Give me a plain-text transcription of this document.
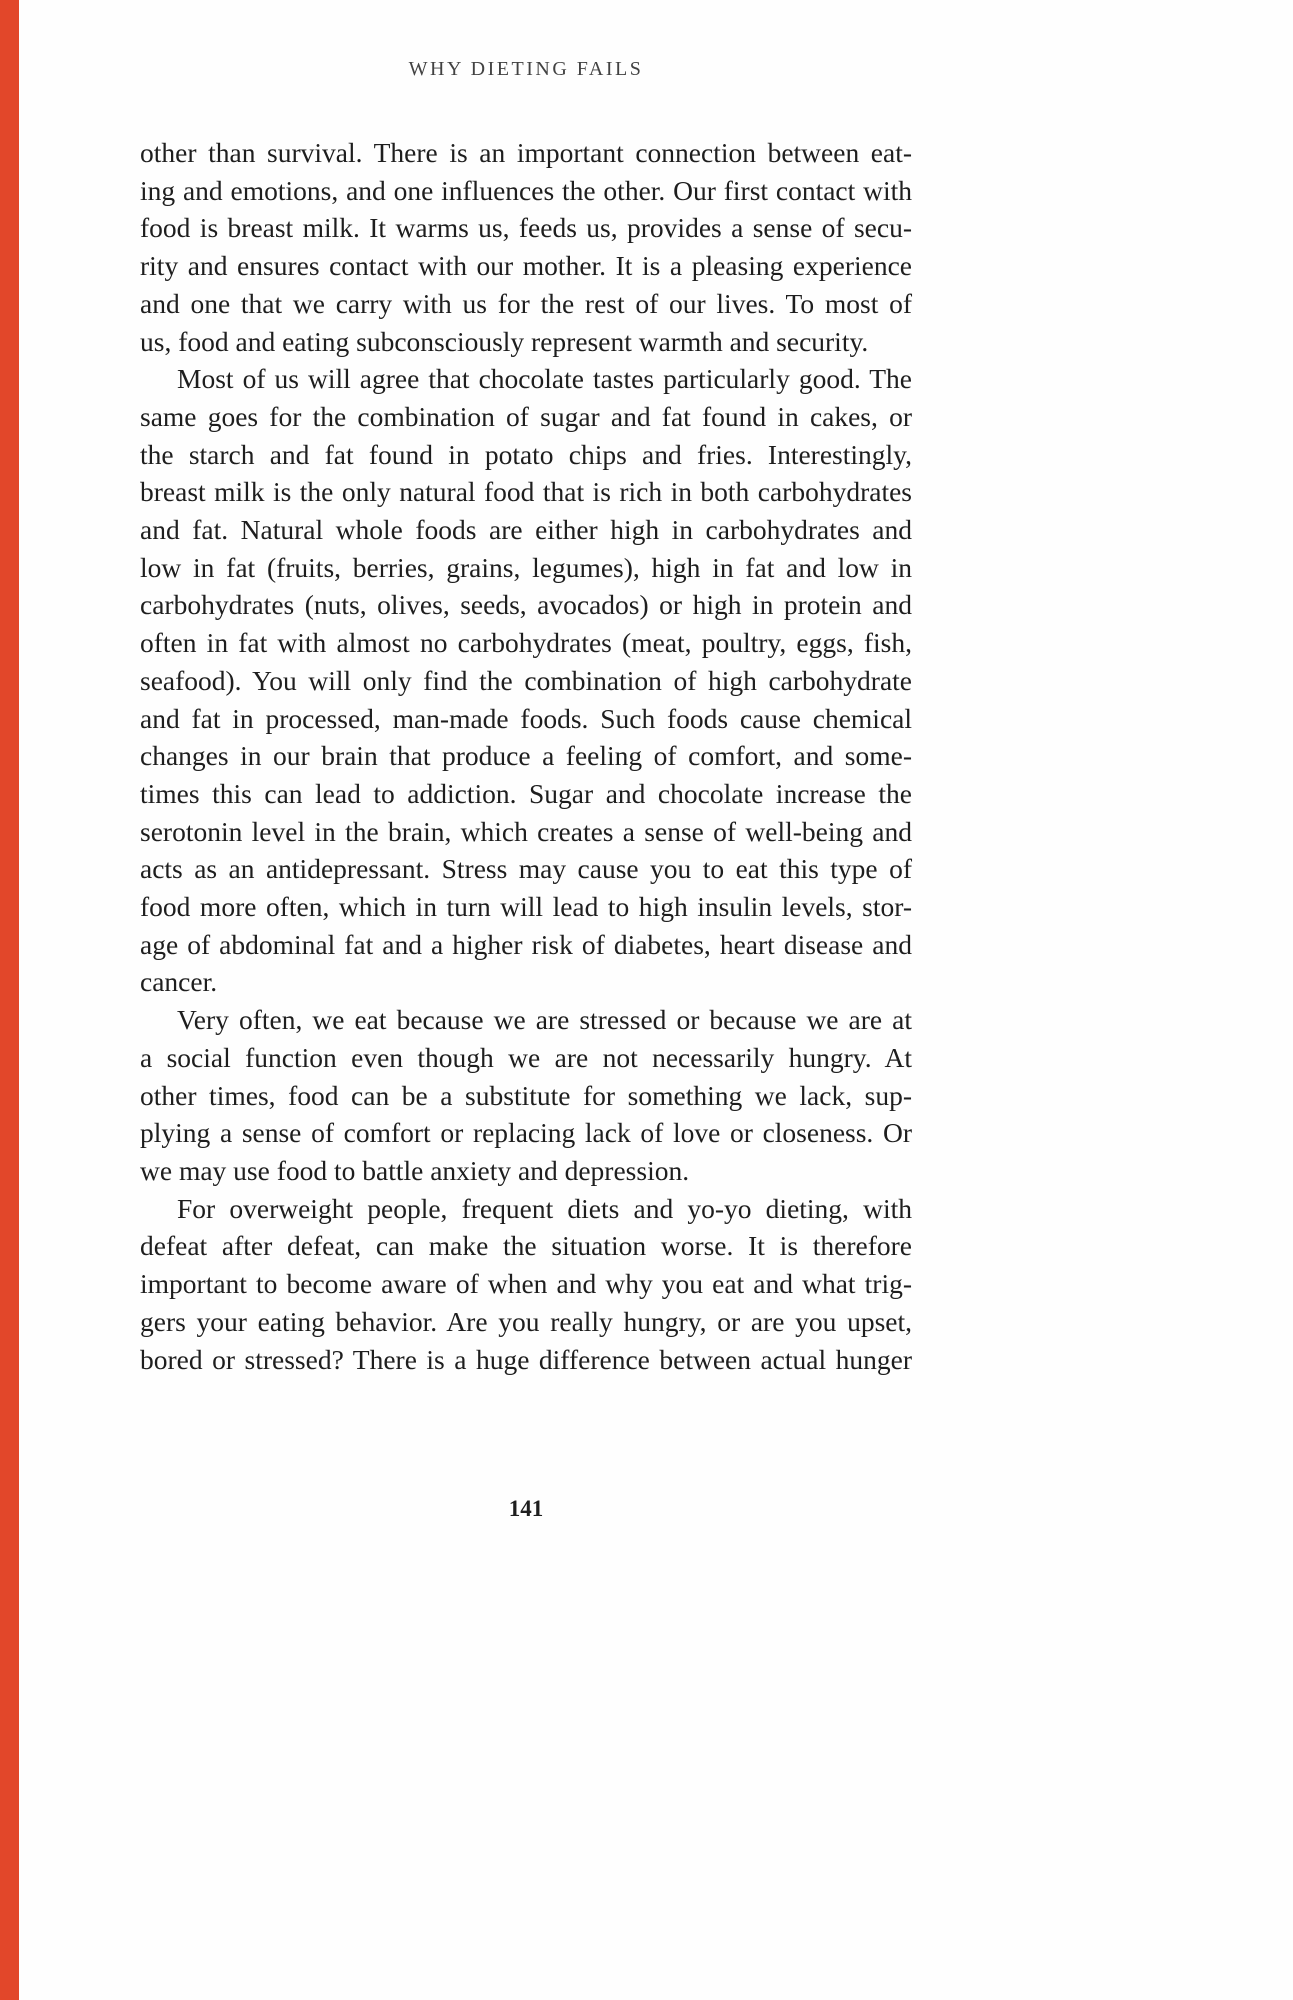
WHY DIETING FAILS
other than survival. There is an important connection between eat-
ing and emotions, and one influences the other. Our first contact with
food is breast milk. It warms us, feeds us, provides a sense of secu-
rity and ensures contact with our mother. It is a pleasing experience
and one that we carry with us for the rest of our lives. To most of
us, food and eating subconsciously represent warmth and security.
Most of us will agree that chocolate tastes particularly good. The
same goes for the combination of sugar and fat found in cakes, or
the starch and fat found in potato chips and fries. Interestingly,
breast milk is the only natural food that is rich in both carbohydrates
and fat. Natural whole foods are either high in carbohydrates and
low in fat (fruits, berries, grains, legumes), high in fat and low in
carbohydrates (nuts, olives, seeds, avocados) or high in protein and
often in fat with almost no carbohydrates (meat, poultry, eggs, fish,
seafood). You will only find the combination of high carbohydrate
and fat in processed, man-made foods. Such foods cause chemical
changes in our brain that produce a feeling of comfort, and some-
times this can lead to addiction. Sugar and chocolate increase the
serotonin level in the brain, which creates a sense of well-being and
acts as an antidepressant. Stress may cause you to eat this type of
food more often, which in turn will lead to high insulin levels, stor-
age of abdominal fat and a higher risk of diabetes, heart disease and
cancer.
Very often, we eat because we are stressed or because we are at
a social function even though we are not necessarily hungry. At
other times, food can be a substitute for something we lack, sup-
plying a sense of comfort or replacing lack of love or closeness. Or
we may use food to battle anxiety and depression.
For overweight people, frequent diets and yo-yo dieting, with
defeat after defeat, can make the situation worse. It is therefore
important to become aware of when and why you eat and what trig-
gers your eating behavior. Are you really hungry, or are you upset,
bored or stressed? There is a huge difference between actual hunger
141
